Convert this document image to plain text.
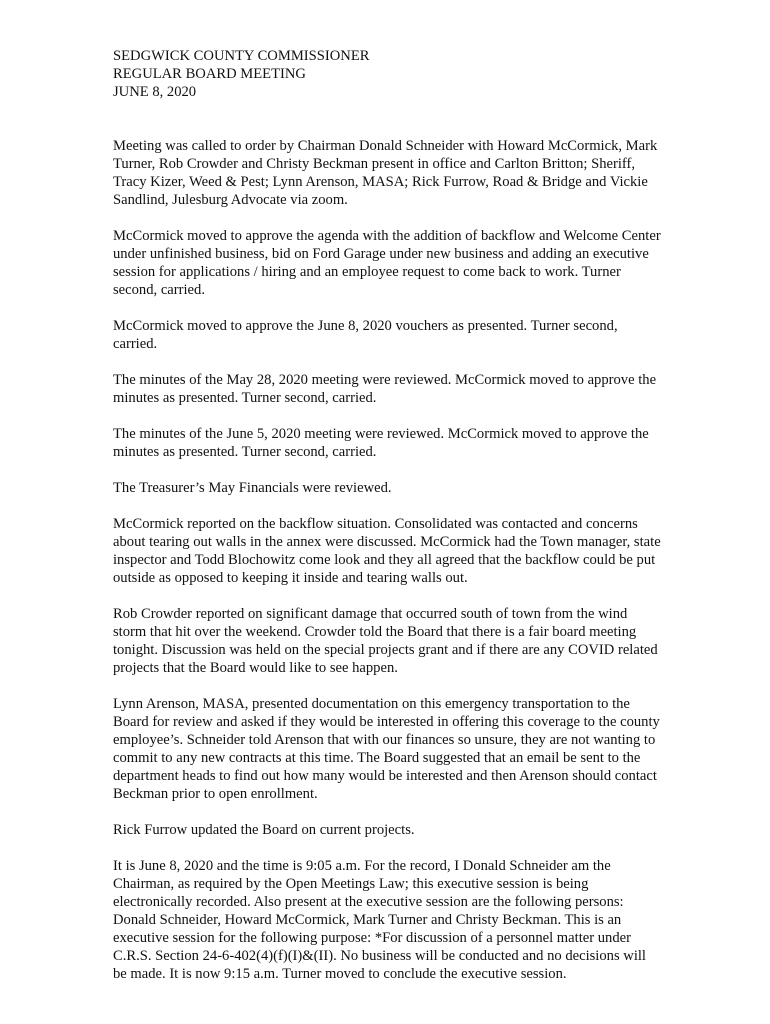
SEDGWICK COUNTY COMMISSIONER

REGULAR BOARD MEETING

JUNE 8, 2020

Meeting was called to order by Chairman Donald Schneider with Howard McCormick, Mark Turner, Rob Crowder and Christy Beckman present in office and Carlton Britton; Sheriff, Tracy Kizer, Weed & Pest; Lynn Arenson, MASA; Rick Furrow, Road & Bridge and Vickie Sandlind, Julesburg Advocate via zoom.

McCormick moved to approve the agenda with the addition of backflow and Welcome Center under unfinished business, bid on Ford Garage under new business and adding an executive session for applications / hiring and an employee request to come back to work. Turner second, carried.

McCormick moved to approve the June 8, 2020 vouchers as presented. Turner second, carried.

The minutes of the May 28, 2020 meeting were reviewed. McCormick moved to approve the minutes as presented. Turner second, carried.

The minutes of the June 5, 2020 meeting were reviewed. McCormick moved to approve the minutes as presented. Turner second, carried.

The Treasurer’s May Financials were reviewed.

McCormick reported on the backflow situation. Consolidated was contacted and concerns about tearing out walls in the annex were discussed. McCormick had the Town manager, state inspector and Todd Blochowitz come look and they all agreed that the backflow could be put outside as opposed to keeping it inside and tearing walls out.

Rob Crowder reported on significant damage that occurred south of town from the wind storm that hit over the weekend. Crowder told the Board that there is a fair board meeting tonight. Discussion was held on the special projects grant and if there are any COVID related projects that the Board would like to see happen.

Lynn Arenson, MASA, presented documentation on this emergency transportation to the Board for review and asked if they would be interested in offering this coverage to the county employee’s. Schneider told Arenson that with our finances so unsure, they are not wanting to commit to any new contracts at this time. The Board suggested that an email be sent to the department heads to find out how many would be interested and then Arenson should contact Beckman prior to open enrollment.

Rick Furrow updated the Board on current projects.

It is June 8, 2020 and the time is 9:05 a.m. For the record, I Donald Schneider am the Chairman, as required by the Open Meetings Law; this executive session is being electronically recorded. Also present at the executive session are the following persons: Donald Schneider, Howard McCormick, Mark Turner and Christy Beckman. This is an executive session for the following purpose: *For discussion of a personnel matter under C.R.S. Section 24-6-402(4)(f)(I)&(II). No business will be conducted and no decisions will be made. It is now 9:15 a.m. Turner moved to conclude the executive session.
